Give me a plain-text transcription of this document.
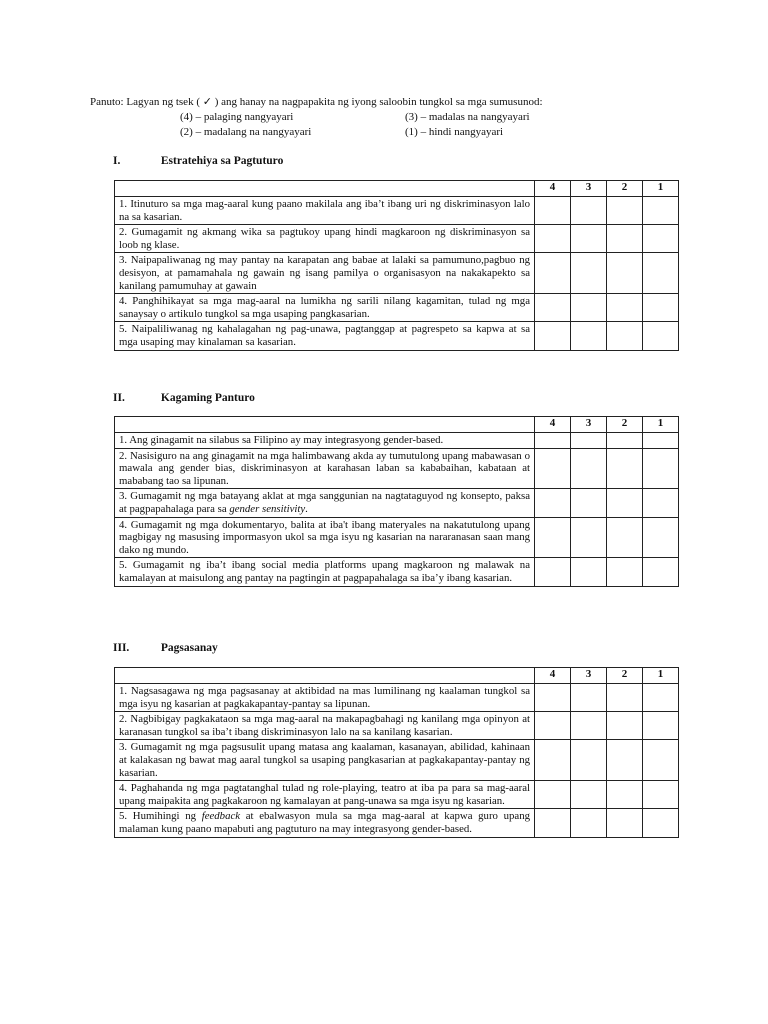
Panuto: Lagyan ng tsek ( ✓ ) ang hanay na nagpapakita ng iyong saloobin tungkol sa mga sumusunod:
(4) – palaging nangyayari	(3) – madalas na nangyayari
(2) – madalang na nangyayari	(1) – hindi nangyayari
I.	Estratehiya sa Pagtuturo
	4	3	2	1
1. Itinuturo sa mga mag-aaral kung paano makilala ang iba’t ibang uri ng diskriminasyon lalo na sa kasarian.				
2. Gumagamit ng akmang wika sa pagtukoy upang hindi magkaroon ng diskriminasyon sa loob ng klase.				
3. Naipapaliwanag ng may pantay na karapatan ang babae at lalaki sa pamumuno,pagbuo ng desisyon, at pamamahala ng gawain ng isang pamilya o organisasyon na nakakapekto sa kanilang pamumuhay at gawain				
4. Panghihikayat sa mga mag-aaral na lumikha ng sarili nilang kagamitan, tulad ng mga sanaysay o artikulo tungkol sa mga usaping pangkasarian.				
5. Naipaliliwanag ng kahalagahan ng pag-unawa, pagtanggap at pagrespeto sa kapwa at sa mga usaping may kinalaman sa kasarian.				
II.	Kagaming Panturo
	4	3	2	1
1. Ang ginagamit na silabus sa Filipino ay may integrasyong gender-based.				
2. Nasisiguro na ang ginagamit na mga halimbawang akda ay tumutulong upang mabawasan o mawala ang gender bias, diskriminasyon at karahasan laban sa kababaihan, kabataan at mababang tao sa lipunan.				
3. Gumagamit ng mga batayang aklat at mga sanggunian na nagtataguyod ng konsepto, paksa at pagpapahalaga para sa gender sensitivity.				
4. Gumagamit ng mga dokumentaryo, balita at iba't ibang materyales na nakatutulong upang magbigay ng masusing impormasyon ukol sa mga isyu ng kasarian na nararanasan saan mang dako ng mundo.				
5. Gumagamit ng iba’t ibang social media platforms upang magkaroon ng malawak na kamalayan at maisulong ang pantay na pagtingin at pagpapahalaga sa iba’y ibang kasarian.				
III.	Pagsasanay
	4	3	2	1
1. Nagsasagawa ng mga pagsasanay at aktibidad na mas lumilinang ng kaalaman tungkol sa mga isyu ng kasarian at pagkakapantay-pantay sa lipunan.				
2. Nagbibigay pagkakataon sa mga mag-aaral na makapagbahagi ng kanilang mga opinyon at karanasan tungkol sa iba’t ibang diskriminasyon lalo na sa kanilang kasarian.				
3. Gumagamit ng mga pagsusulit upang matasa ang kaalaman, kasanayan, abilidad, kahinaan at kalakasan ng bawat mag aaral tungkol sa usaping pangkasarian at pagkakapantay-pantay ng kasarian.				
4. Paghahanda ng mga pagtatanghal tulad ng role-playing, teatro at iba pa para sa mag-aaral upang maipakita ang pagkakaroon ng kamalayan at pang-unawa sa mga isyu ng kasarian.				
5. Humihingi ng feedback at ebalwasyon mula sa mga mag-aaral at kapwa guro upang malaman kung paano mapabuti ang pagtuturo na may integrasyong gender-based.				
